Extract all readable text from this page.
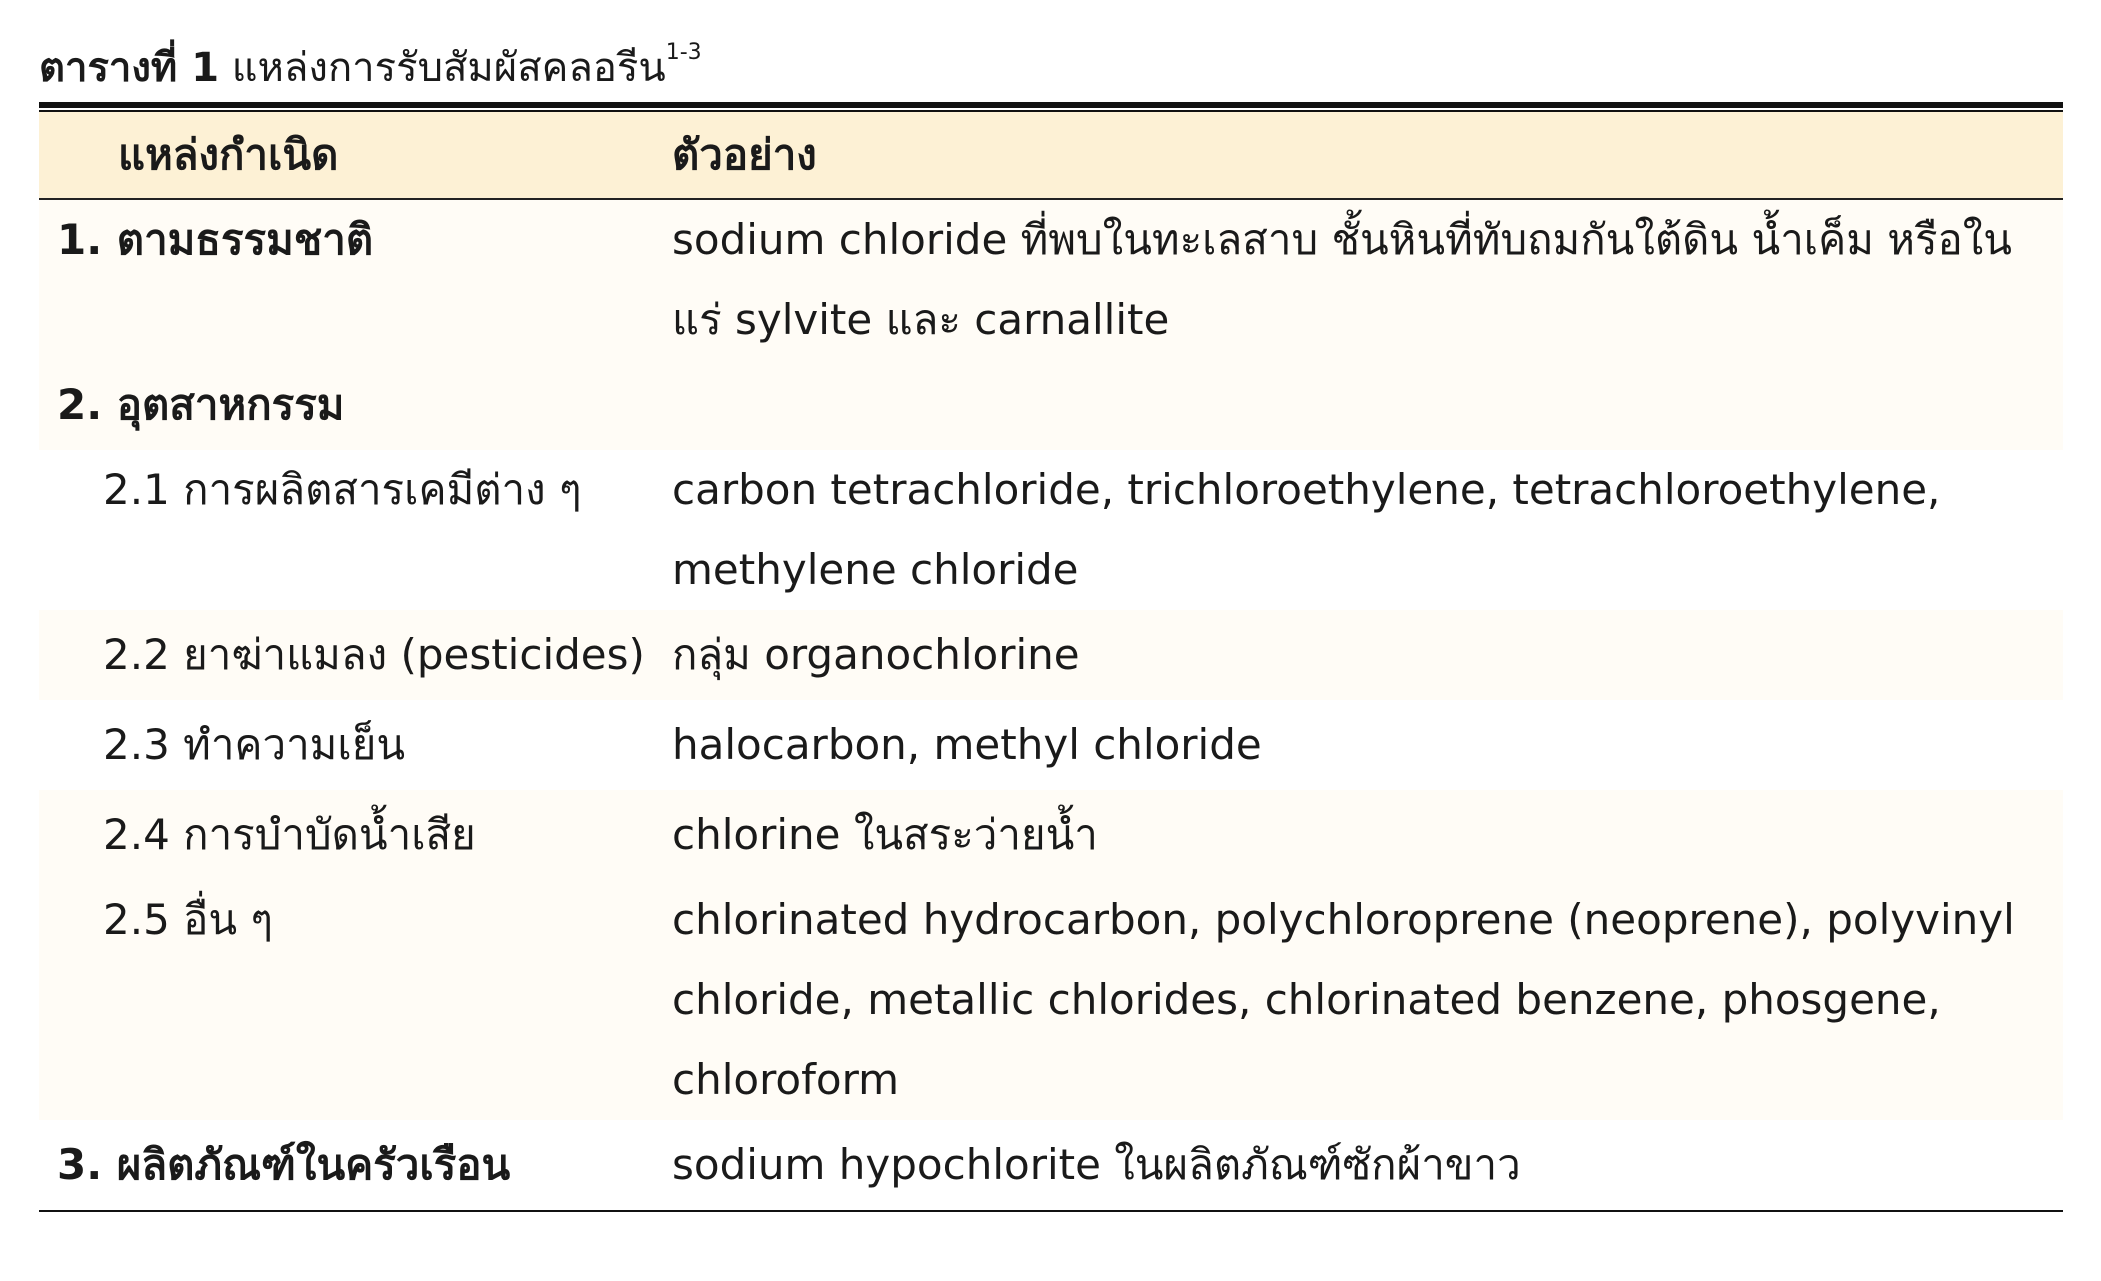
ตารางที่ 1 แหล่งการรับสัมผัสคลอรีน$^{1-3}$
แหล่งกำเนิด	ตัวอย่าง
1. ตามธรรมชาติ	sodium chloride ที่พบในทะเลสาบ ชั้นหินที่ทับถมกันใต้ดิน น้ำเค็ม หรือในแร่ sylvite และ carnallite
2. อุตสาหกรรม	
2.1 การผลิตสารเคมีต่าง ๆ	carbon tetrachloride, trichloroethylene, tetrachloroethylene, methylene chloride
2.2 ยาฆ่าแมลง (pesticides)	กลุ่ม organochlorine
2.3 ทำความเย็น	halocarbon, methyl chloride
2.4 การบำบัดน้ำเสีย	chlorine ในสระว่ายน้ำ
2.5 อื่น ๆ	chlorinated hydrocarbon, polychloroprene (neoprene), polyvinyl chloride, metallic chlorides, chlorinated benzene, phosgene, chloroform
3. ผลิตภัณฑ์ในครัวเรือน	sodium hypochlorite ในผลิตภัณฑ์ซักผ้าขาว
